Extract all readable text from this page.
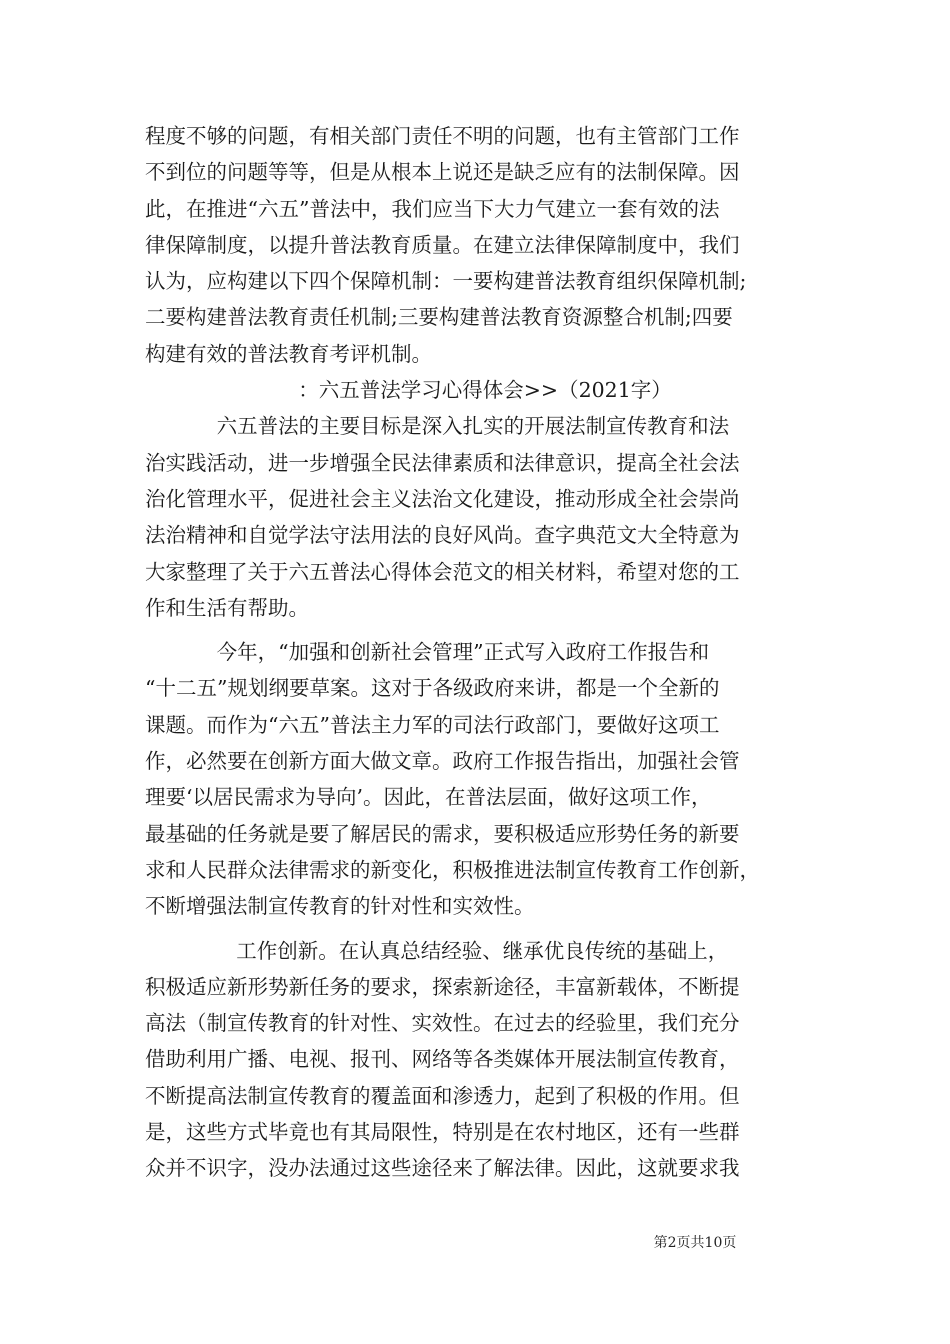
程度不够的问题，有相关部门责任不明的问题，也有主管部门工作
不到位的问题等等，但是从根本上说还是缺乏应有的法制保障。因
此，在推进“六五”普法中，我们应当下大力气建立一套有效的法
律保障制度，以提升普法教育质量。在建立法律保障制度中，我们
认为，应构建以下四个保障机制：一要构建普法教育组织保障机制;
二要构建普法教育责任机制;三要构建普法教育资源整合机制;四要
构建有效的普法教育考评机制。
：六五普法学习心得体会>>（2021字）
六五普法的主要目标是深入扎实的开展法制宣传教育和法
治实践活动，进一步增强全民法律素质和法律意识，提高全社会法
治化管理水平，促进社会主义法治文化建设，推动形成全社会崇尚
法治精神和自觉学法守法用法的良好风尚。查字典范文大全特意为
大家整理了关于六五普法心得体会范文的相关材料，希望对您的工
作和生活有帮助。
今年，“加强和创新社会管理”正式写入政府工作报告和
“十二五”规划纲要草案。这对于各级政府来讲，都是一个全新的
课题。而作为“六五”普法主力军的司法行政部门，要做好这项工
作，必然要在创新方面大做文章。政府工作报告指出，加强社会管
理要‘以居民需求为导向’。因此，在普法层面，做好这项工作，
最基础的任务就是要了解居民的需求，要积极适应形势任务的新要
求和人民群众法律需求的新变化，积极推进法制宣传教育工作创新，
不断增强法制宣传教育的针对性和实效性。
工作创新。在认真总结经验、继承优良传统的基础上，
积极适应新形势新任务的要求，探索新途径，丰富新载体，不断提
高法（制宣传教育的针对性、实效性。在过去的经验里，我们充分
借助利用广播、电视、报刊、网络等各类媒体开展法制宣传教育，
不断提高法制宣传教育的覆盖面和渗透力，起到了积极的作用。但
是，这些方式毕竟也有其局限性，特别是在农村地区，还有一些群
众并不识字，没办法通过这些途径来了解法律。因此，这就要求我
第2页共10页
